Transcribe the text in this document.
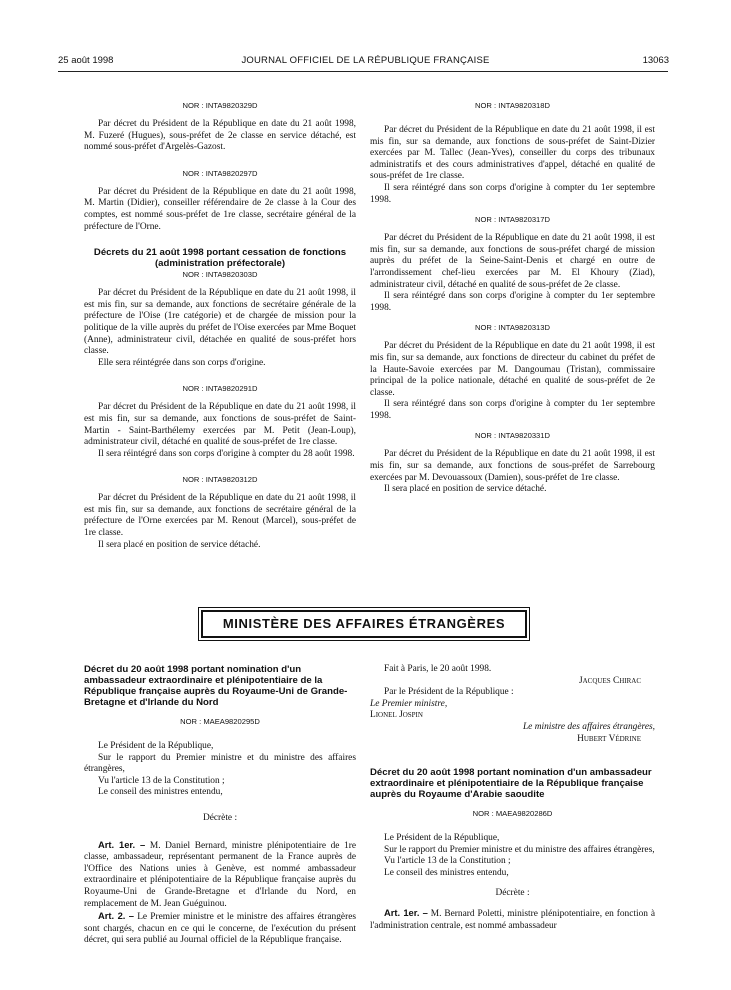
25 août 1998	JOURNAL OFFICIEL DE LA RÉPUBLIQUE FRANÇAISE	13063

NOR : INTA9820329D

Par décret du Président de la République en date du 21 août 1998, M. Fuzeré (Hugues), sous-préfet de 2e classe en service détaché, est nommé sous-préfet d'Argelès-Gazost.

NOR : INTA9820297D

Par décret du Président de la République en date du 21 août 1998, M. Martin (Didier), conseiller référendaire de 2e classe à la Cour des comptes, est nommé sous-préfet de 1re classe, secrétaire général de la préfecture de l'Orne.

Décrets du 21 août 1998 portant cessation de fonctions (administration préfectorale)

NOR : INTA9820303D

Par décret du Président de la République en date du 21 août 1998, il est mis fin, sur sa demande, aux fonctions de secrétaire générale de la préfecture de l'Oise (1re catégorie) et de chargée de mission pour la politique de la ville auprès du préfet de l'Oise exercées par Mme Boquet (Anne), administrateur civil, détachée en qualité de sous-préfet hors classe.

Elle sera réintégrée dans son corps d'origine.

NOR : INTA9820291D

Par décret du Président de la République en date du 21 août 1998, il est mis fin, sur sa demande, aux fonctions de sous-préfet de Saint-Martin - Saint-Barthélemy exercées par M. Petit (Jean-Loup), administrateur civil, détaché en qualité de sous-préfet de 1re classe.

Il sera réintégré dans son corps d'origine à compter du 28 août 1998.

NOR : INTA9820312D

Par décret du Président de la République en date du 21 août 1998, il est mis fin, sur sa demande, aux fonctions de secrétaire général de la préfecture de l'Orne exercées par M. Renout (Marcel), sous-préfet de 1re classe.

Il sera placé en position de service détaché.

NOR : INTA9820318D

Par décret du Président de la République en date du 21 août 1998, il est mis fin, sur sa demande, aux fonctions de sous-préfet de Saint-Dizier exercées par M. Tallec (Jean-Yves), conseiller du corps des tribunaux administratifs et des cours administratives d'appel, détaché en qualité de sous-préfet de 1re classe.

Il sera réintégré dans son corps d'origine à compter du 1er septembre 1998.

NOR : INTA9820317D

Par décret du Président de la République en date du 21 août 1998, il est mis fin, sur sa demande, aux fonctions de sous-préfet chargé de mission auprès du préfet de la Seine-Saint-Denis et chargé en outre de l'arrondissement chef-lieu exercées par M. El Khoury (Ziad), administrateur civil, détaché en qualité de sous-préfet de 2e classe.

Il sera réintégré dans son corps d'origine à compter du 1er septembre 1998.

NOR : INTA9820313D

Par décret du Président de la République en date du 21 août 1998, il est mis fin, sur sa demande, aux fonctions de directeur du cabinet du préfet de la Haute-Savoie exercées par M. Dangoumau (Tristan), commissaire principal de la police nationale, détaché en qualité de sous-préfet de 2e classe.

Il sera réintégré dans son corps d'origine à compter du 1er septembre 1998.

NOR : INTA9820331D

Par décret du Président de la République en date du 21 août 1998, il est mis fin, sur sa demande, aux fonctions de sous-préfet de Sarrebourg exercées par M. Devouassoux (Damien), sous-préfet de 1re classe.

Il sera placé en position de service détaché.

MINISTÈRE DES AFFAIRES ÉTRANGÈRES
Décret du 20 août 1998 portant nomination d'un ambassadeur extraordinaire et plénipotentiaire de la République française auprès du Royaume-Uni de Grande-Bretagne et d'Irlande du Nord

NOR : MAEA9820295D

Le Président de la République,

Sur le rapport du Premier ministre et du ministre des affaires étrangères,

Vu l'article 13 de la Constitution ;

Le conseil des ministres entendu,

Décrète :

Art. 1er. – M. Daniel Bernard, ministre plénipotentiaire de 1re classe, ambassadeur, représentant permanent de la France auprès de l'Office des Nations unies à Genève, est nommé ambassadeur extraordinaire et plénipotentiaire de la République française auprès du Royaume-Uni de Grande-Bretagne et d'Irlande du Nord, en remplacement de M. Jean Guéguinou.

Art. 2. – Le Premier ministre et le ministre des affaires étrangères sont chargés, chacun en ce qui le concerne, de l'exécution du présent décret, qui sera publié au Journal officiel de la République française.

Fait à Paris, le 20 août 1998.

Jacques Chirac

Par le Président de la République :

Le Premier ministre,

Lionel Jospin

Le ministre des affaires étrangères,

Hubert Védrine

Décret du 20 août 1998 portant nomination d'un ambassadeur extraordinaire et plénipotentiaire de la République française auprès du Royaume d'Arabie saoudite

NOR : MAEA9820286D

Le Président de la République,

Sur le rapport du Premier ministre et du ministre des affaires étrangères,

Vu l'article 13 de la Constitution ;

Le conseil des ministres entendu,

Décrète :

Art. 1er. – M. Bernard Poletti, ministre plénipotentiaire, en fonction à l'administration centrale, est nommé ambassadeur
